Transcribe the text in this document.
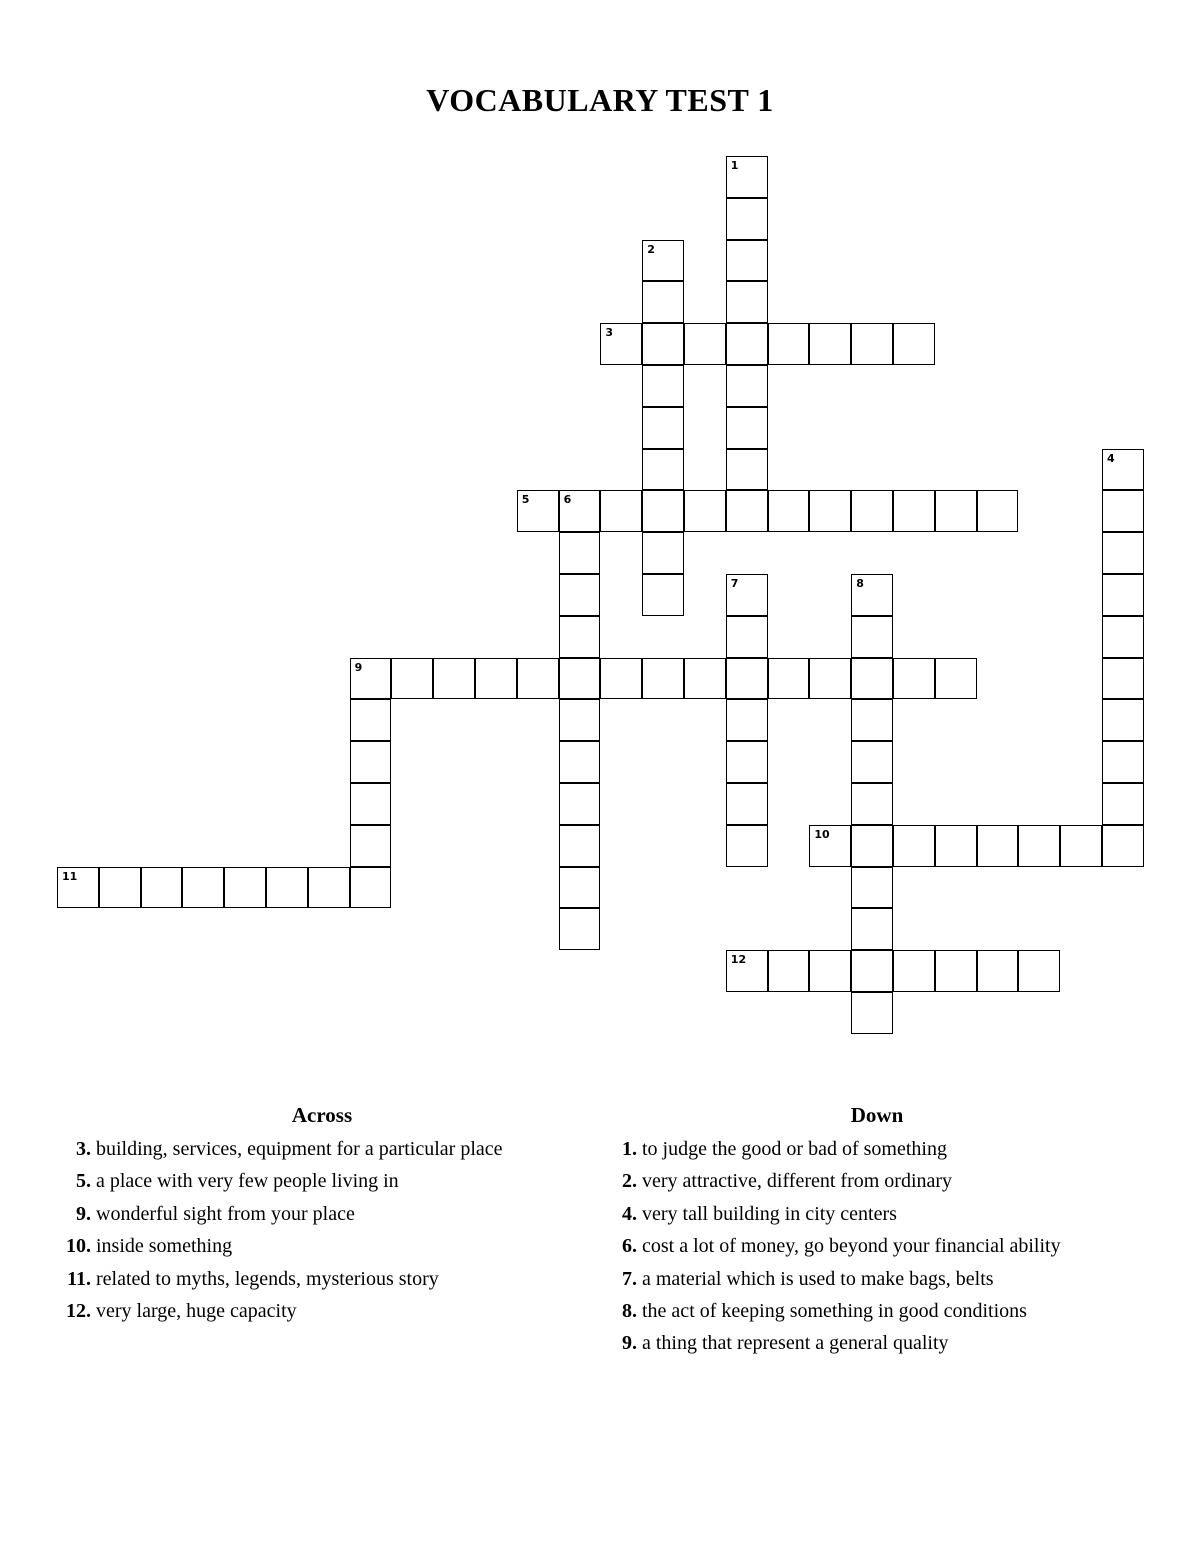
VOCABULARY TEST 1
1
2
3
4
5	6
7	8
9
10
11
12
Across
3. building, services, equipment for a particular place
5. a place with very few people living in
9. wonderful sight from your place
10. inside something
11. related to myths, legends, mysterious story
12. very large, huge capacity
Down
1. to judge the good or bad of something
2. very attractive, different from ordinary
4. very tall building in city centers
6. cost a lot of money, go beyond your financial ability
7. a material which is used to make bags, belts
8. the act of keeping something in good conditions
9. a thing that represent a general quality
